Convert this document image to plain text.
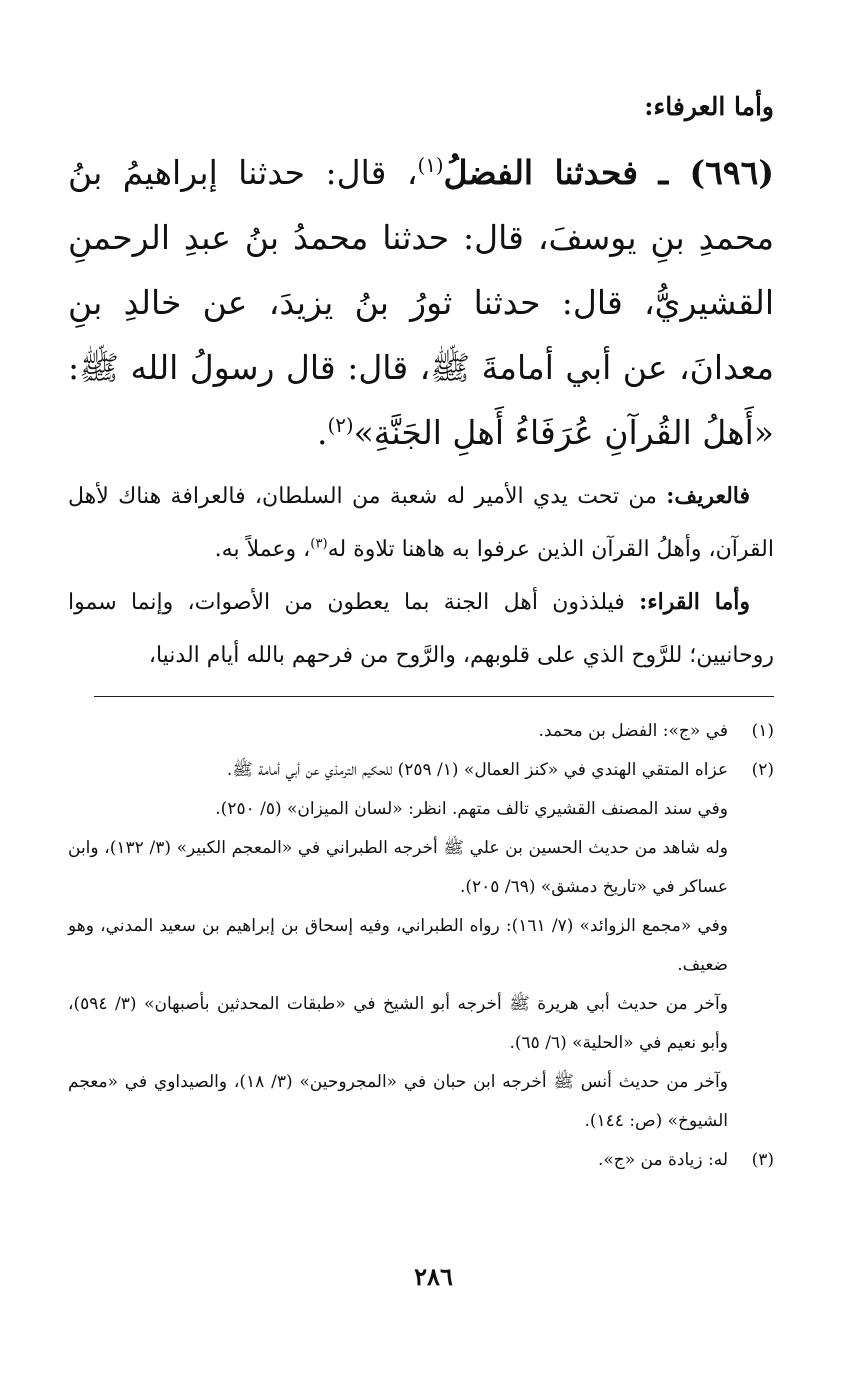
وأما العرفاء:
(٦٩٦) ـ فحدثنا الفضلُ$^{(١)}$، قال: حدثنا إبراهيمُ بنُ محمدِ بنِ يوسفَ، قال: حدثنا محمدُ بنُ عبدِ الرحمنِ القشيريُّ، قال: حدثنا ثورُ بنُ يزيدَ، عن خالدِ بنِ معدانَ، عن أبي أمامةَ ﷺ، قال: قال رسولُ الله ﷺ: «أَهلُ القُرآنِ عُرَفَاءُ أَهلِ الجَنَّةِ»$^{(٢)}$.

فالعريف: من تحت يدي الأمير له شعبة من السلطان، فالعرافة هناك لأهل القرآن، وأهلُ القرآن الذين عرفوا به هاهنا تلاوة له$^{(٣)}$، وعملاً به.

وأما القراء: فيلذذون أهل الجنة بما يعطون من الأصوات، وإنما سموا روحانيين؛ للرَّوح الذي على قلوبهم، والرَّوح من فرحهم بالله أيام الدنيا،

(١)

في «ج»: الفضل بن محمد.

(٢)

عزاه المتقي الهندي في «كنز العمال» (١/ ٢٥٩) للحكيم الترمذي عن أبي أمامة ﷺ.

وفي سند المصنف القشيري تالف متهم. انظر: «لسان الميزان» (٥/ ٢٥٠).

وله شاهد من حديث الحسين بن علي ﷺ أخرجه الطبراني في «المعجم الكبير» (٣/ ١٣٢)، وابن عساكر في «تاريخ دمشق» (٦٩/ ٢٠٥).

وفي «مجمع الزوائد» (٧/ ١٦١): رواه الطبراني، وفيه إسحاق بن إبراهيم بن سعيد المدني، وهو ضعيف.

وآخر من حديث أبي هريرة ﷺ أخرجه أبو الشيخ في «طبقات المحدثين بأصبهان» (٣/ ٥٩٤)، وأبو نعيم في «الحلية» (٦/ ٦٥).

وآخر من حديث أنس ﷺ أخرجه ابن حبان في «المجروحين» (٣/ ١٨)، والصيداوي في «معجم الشيوخ» (ص: ١٤٤).

(٣)

له: زيادة من «ج».

٢٨٦
